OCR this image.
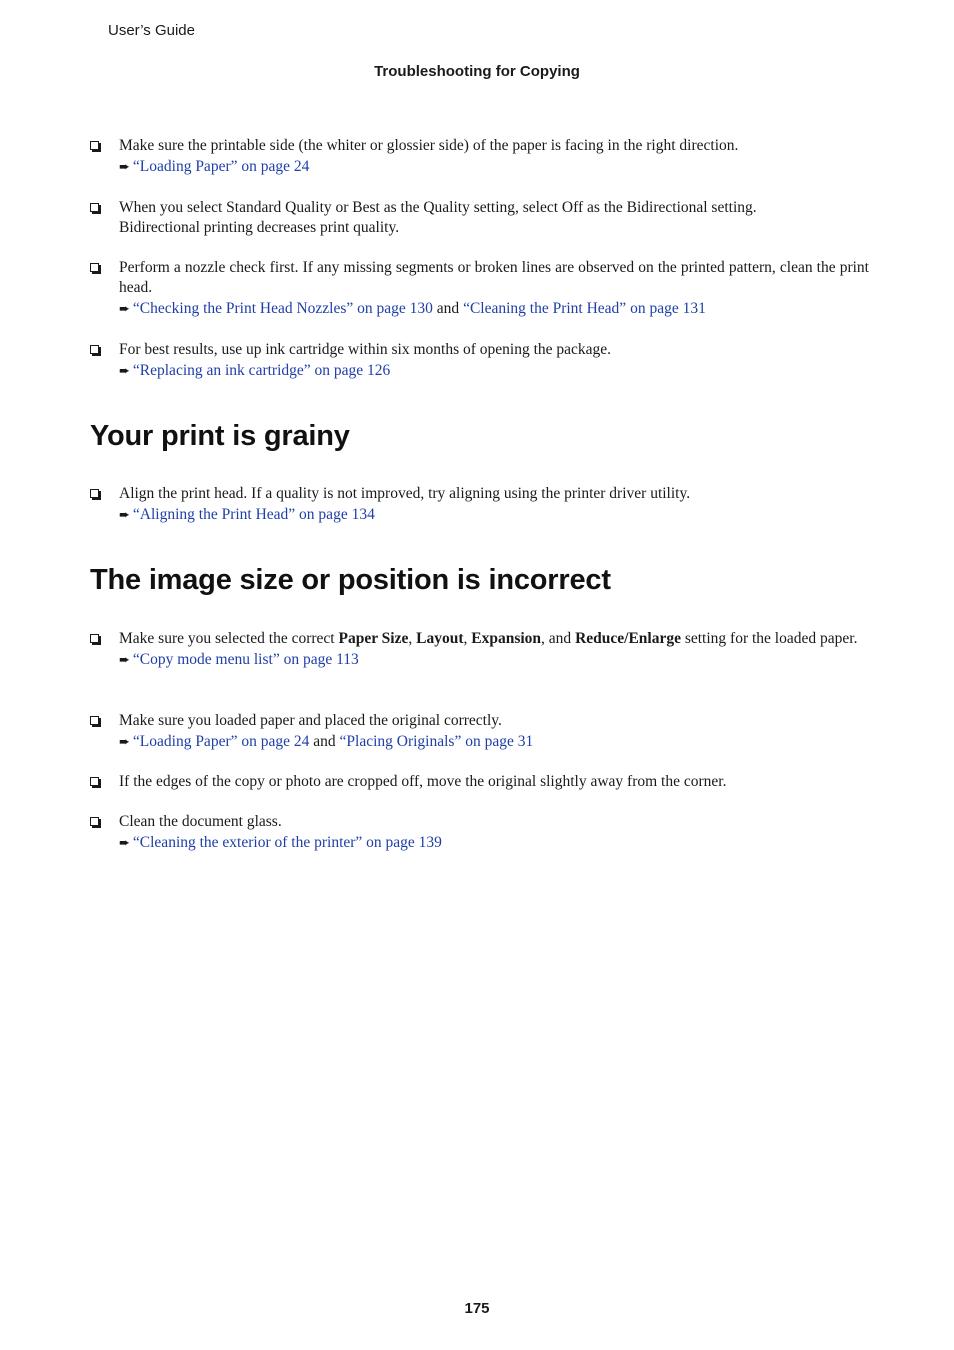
User’s Guide
Troubleshooting for Copying
Make sure the printable side (the whiter or glossier side) of the paper is facing in the right direction.
➨ “Loading Paper” on page 24
When you select Standard Quality or Best as the Quality setting, select Off as the Bidirectional setting.
Bidirectional printing decreases print quality.
Perform a nozzle check first. If any missing segments or broken lines are observed on the printed pattern, clean the print head.
➨ “Checking the Print Head Nozzles” on page 130 and “Cleaning the Print Head” on page 131
For best results, use up ink cartridge within six months of opening the package.
➨ “Replacing an ink cartridge” on page 126
Your print is grainy
Align the print head. If a quality is not improved, try aligning using the printer driver utility.
➨ “Aligning the Print Head” on page 134
The image size or position is incorrect
Make sure you selected the correct Paper Size, Layout, Expansion, and Reduce/Enlarge setting for the loaded paper.
➨ “Copy mode menu list” on page 113
Make sure you loaded paper and placed the original correctly.
➨ “Loading Paper” on page 24 and “Placing Originals” on page 31
If the edges of the copy or photo are cropped off, move the original slightly away from the corner.
Clean the document glass.
➨ “Cleaning the exterior of the printer” on page 139
175
